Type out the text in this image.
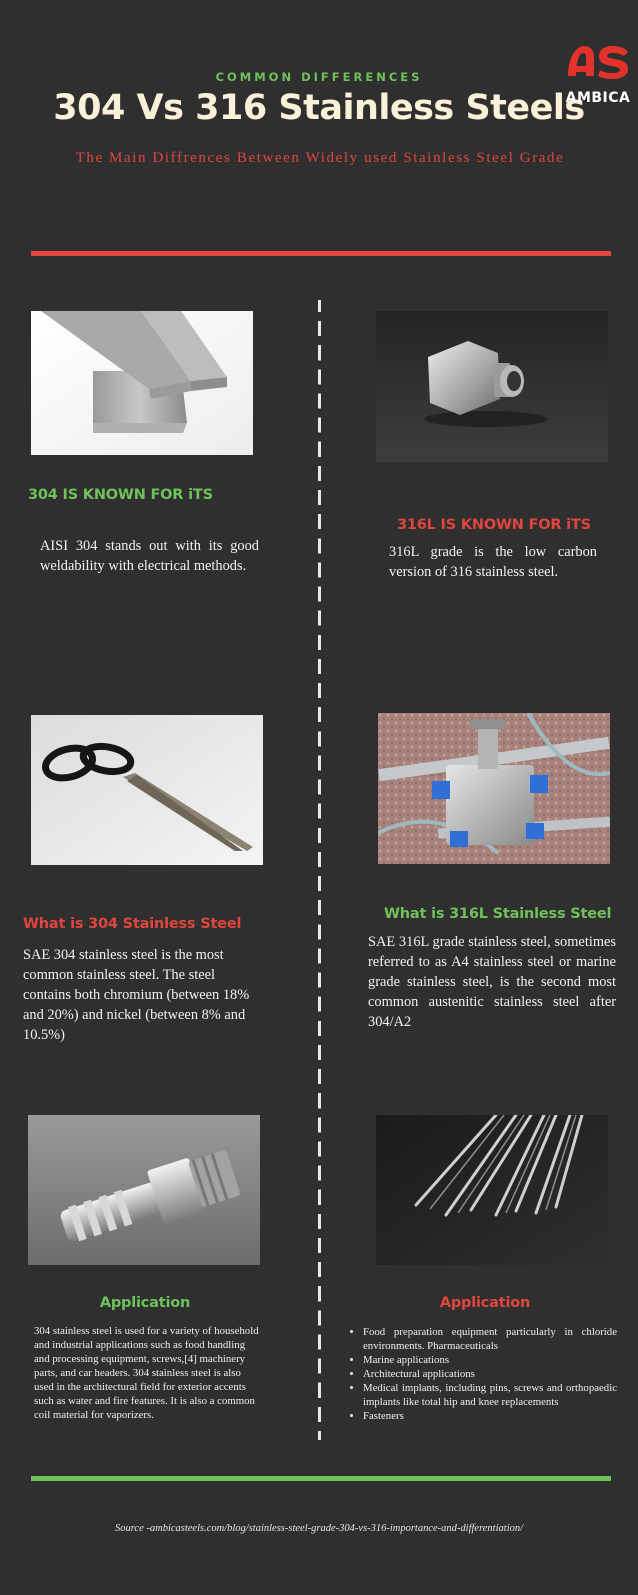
COMMON DIFFERENCES
304 Vs 316 Stainless Steels
The Main Diffrences Between Widely used Stainless Steel Grade
AMBICA
304 IS KNOWN FOR iTS
AISI 304 stands out with its good weldability with electrical methods.
316L IS KNOWN FOR iTS
316L grade is the low carbon version of 316 stainless steel.
What is 304 Stainless Steel
SAE 304 stainless steel is the most common stainless steel. The steel contains both chromium (between 18% and 20%) and nickel (between 8% and 10.5%)
What is 316L Stainless Steel
SAE 316L grade stainless steel, sometimes referred to as A4 stainless steel or marine grade stainless steel, is the second most common austenitic stainless steel after 304/A2
Application
304 stainless steel is used for a variety of household and industrial applications such as food handling and processing equipment, screws,[4] machinery parts, and car headers. 304 stainless steel is also used in the architectural field for exterior accents such as water and fire features. It is also a common coil material for vaporizers.
Application
• Food preparation equipment particularly in chloride environments. Pharmaceuticals
• Marine applications
• Architectural applications
• Medical implants, including pins, screws and orthopaedic implants like total hip and knee replacements
• Fasteners
Source -ambicasteels.com/blog/stainless-steel-grade-304-vs-316-importance-and-differentiation/
